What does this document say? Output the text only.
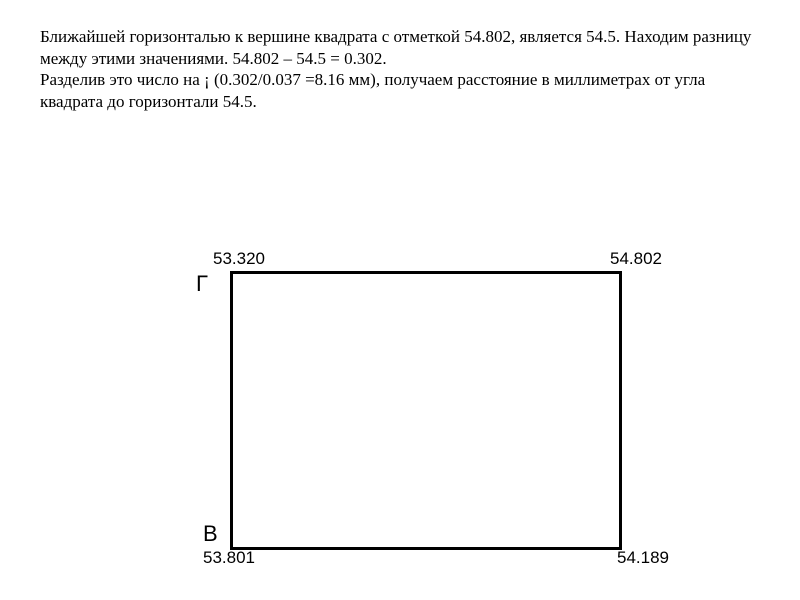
Ближайшей горизонталью к вершине квадрата с отметкой 54.802, является 54.5. Находим разницу между этими значениями. 54.802 – 54.5 = 0.302.

Разделив это число на ¡ (0.302/0.037 =8.16 мм), получаем расстояние в миллиметрах от угла квадрата до горизонтали 54.5.

53.320	54.802
53.801	54.189
Г
В
